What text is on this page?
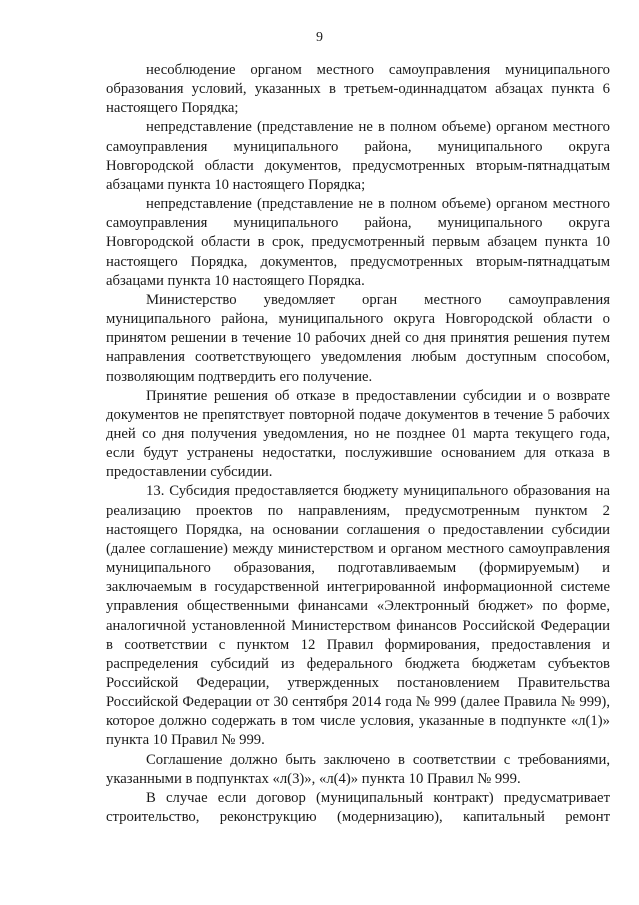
9

несоблюдение органом местного самоуправления муниципального образования условий, указанных в третьем-одиннадцатом абзацах пункта 6 настоящего Порядка;

непредставление (представление не в полном объеме) органом местного самоуправления муниципального района, муниципального округа Новгородской области документов, предусмотренных вторым-пятнадцатым абзацами пункта 10 настоящего Порядка;

непредставление (представление не в полном объеме) органом местного самоуправления муниципального района, муниципального округа Новгородской области в срок, предусмотренный первым абзацем пункта 10 настоящего Порядка, документов, предусмотренных вторым-пятнадцатым абзацами пункта 10 настоящего Порядка.

Министерство уведомляет орган местного самоуправления муниципального района, муниципального округа Новгородской области о принятом решении в течение 10 рабочих дней со дня принятия решения путем направления соответствующего уведомления любым доступным способом, позволяющим подтвердить его получение.

Принятие решения об отказе в предоставлении субсидии и о возврате документов не препятствует повторной подаче документов в течение 5 рабочих дней со дня получения уведомления, но не позднее 01 марта текущего года, если будут устранены недостатки, послужившие основанием для отказа в предоставлении субсидии.

13. Субсидия предоставляется бюджету муниципального образования на реализацию проектов по направлениям, предусмотренным пунктом 2 настоящего Порядка, на основании соглашения о предоставлении субсидии (далее соглашение) между министерством и органом местного самоуправления муниципального образования, подготавливаемым (формируемым) и заключаемым в государственной интегрированной информационной системе управления общественными финансами «Электронный бюджет» по форме, аналогичной установленной Министерством финансов Российской Федерации в соответствии с пунктом 12 Правил формирования, предоставления и распределения субсидий из федерального бюджета бюджетам субъектов Российской Федерации, утвержденных постановлением Правительства Российской Федерации от 30 сентября 2014 года № 999 (далее Правила № 999), которое должно содержать в том числе условия, указанные в подпункте «л(1)» пункта 10 Правил № 999.

Соглашение должно быть заключено в соответствии с требованиями, указанными в подпунктах «л(3)», «л(4)» пункта 10 Правил № 999.

В случае если договор (муниципальный контракт) предусматривает строительство, реконструкцию (модернизацию), капитальный ремонт
